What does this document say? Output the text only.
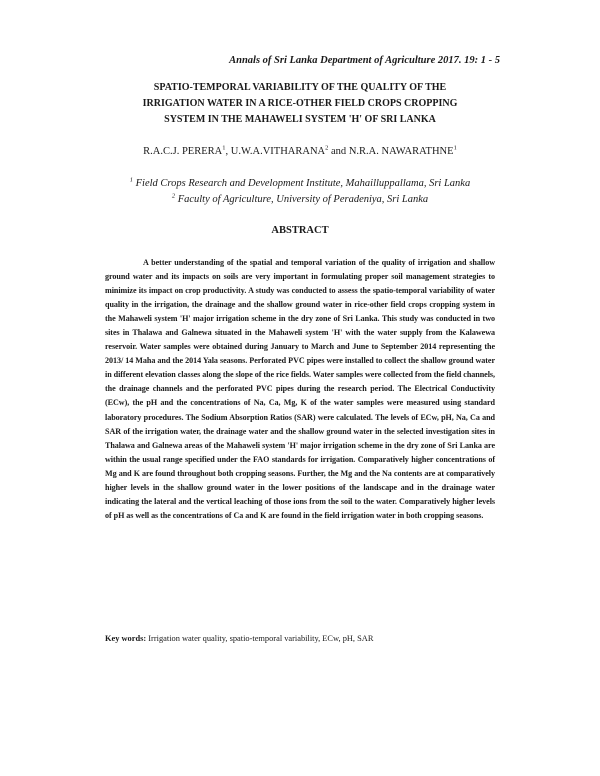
Annals of Sri Lanka Department of Agriculture 2017. 19: 1 - 5
SPATIO-TEMPORAL VARIABILITY OF THE QUALITY OF THE
IRRIGATION WATER IN A RICE-OTHER FIELD CROPS CROPPING
SYSTEM IN THE MAHAWELI SYSTEM 'H' OF SRI LANKA
R.A.C.J. PERERA$^1$, U.W.A.VITHARANA$^2$ and N.R.A. NAWARATHNE$^1$
$^1$ Field Crops Research and Development Institute, Mahailluppallama, Sri Lanka
$^2$ Faculty of Agriculture, University of Peradeniya, Sri Lanka
ABSTRACT
A better understanding of the spatial and temporal variation of the quality of irrigation and shallow ground water and its impacts on soils are very important in formulating proper soil management strategies to minimize its impact on crop productivity. A study was conducted to assess the spatio-temporal variability of water quality in the irrigation, the drainage and the shallow ground water in rice-other field crops cropping system in the Mahaweli system 'H' major irrigation scheme in the dry zone of Sri Lanka. This study was conducted in two sites in Thalawa and Galnewa situated in the Mahaweli system 'H' with the water supply from the Kalawewa reservoir. Water samples were obtained during January to March and June to September 2014 representing the 2013/ 14 Maha and the 2014 Yala seasons. Perforated PVC pipes were installed to collect the shallow ground water in different elevation classes along the slope of the rice fields. Water samples were collected from the field channels, the drainage channels and the perforated PVC pipes during the research period. The Electrical Conductivity (ECw), the pH and the concentrations of Na, Ca, Mg, K of the water samples were measured using standard laboratory procedures. The Sodium Absorption Ratios (SAR) were calculated. The levels of ECw, pH, Na, Ca and SAR of the irrigation water, the drainage water and the shallow ground water in the selected investigation sites in Thalawa and Galnewa areas of the Mahaweli system 'H' major irrigation scheme in the dry zone of Sri Lanka are within the usual range specified under the FAO standards for irrigation. Comparatively higher concentrations of Mg and K are found throughout both cropping seasons. Further, the Mg and the Na contents are at comparatively higher levels in the shallow ground water in the lower positions of the landscape and in the drainage water indicating the lateral and the vertical leaching of those ions from the soil to the water. Comparatively higher levels of pH as well as the concentrations of Ca and K are found in the field irrigation water in both cropping seasons.
Key words: Irrigation water quality, spatio-temporal variability, ECw, pH, SAR
